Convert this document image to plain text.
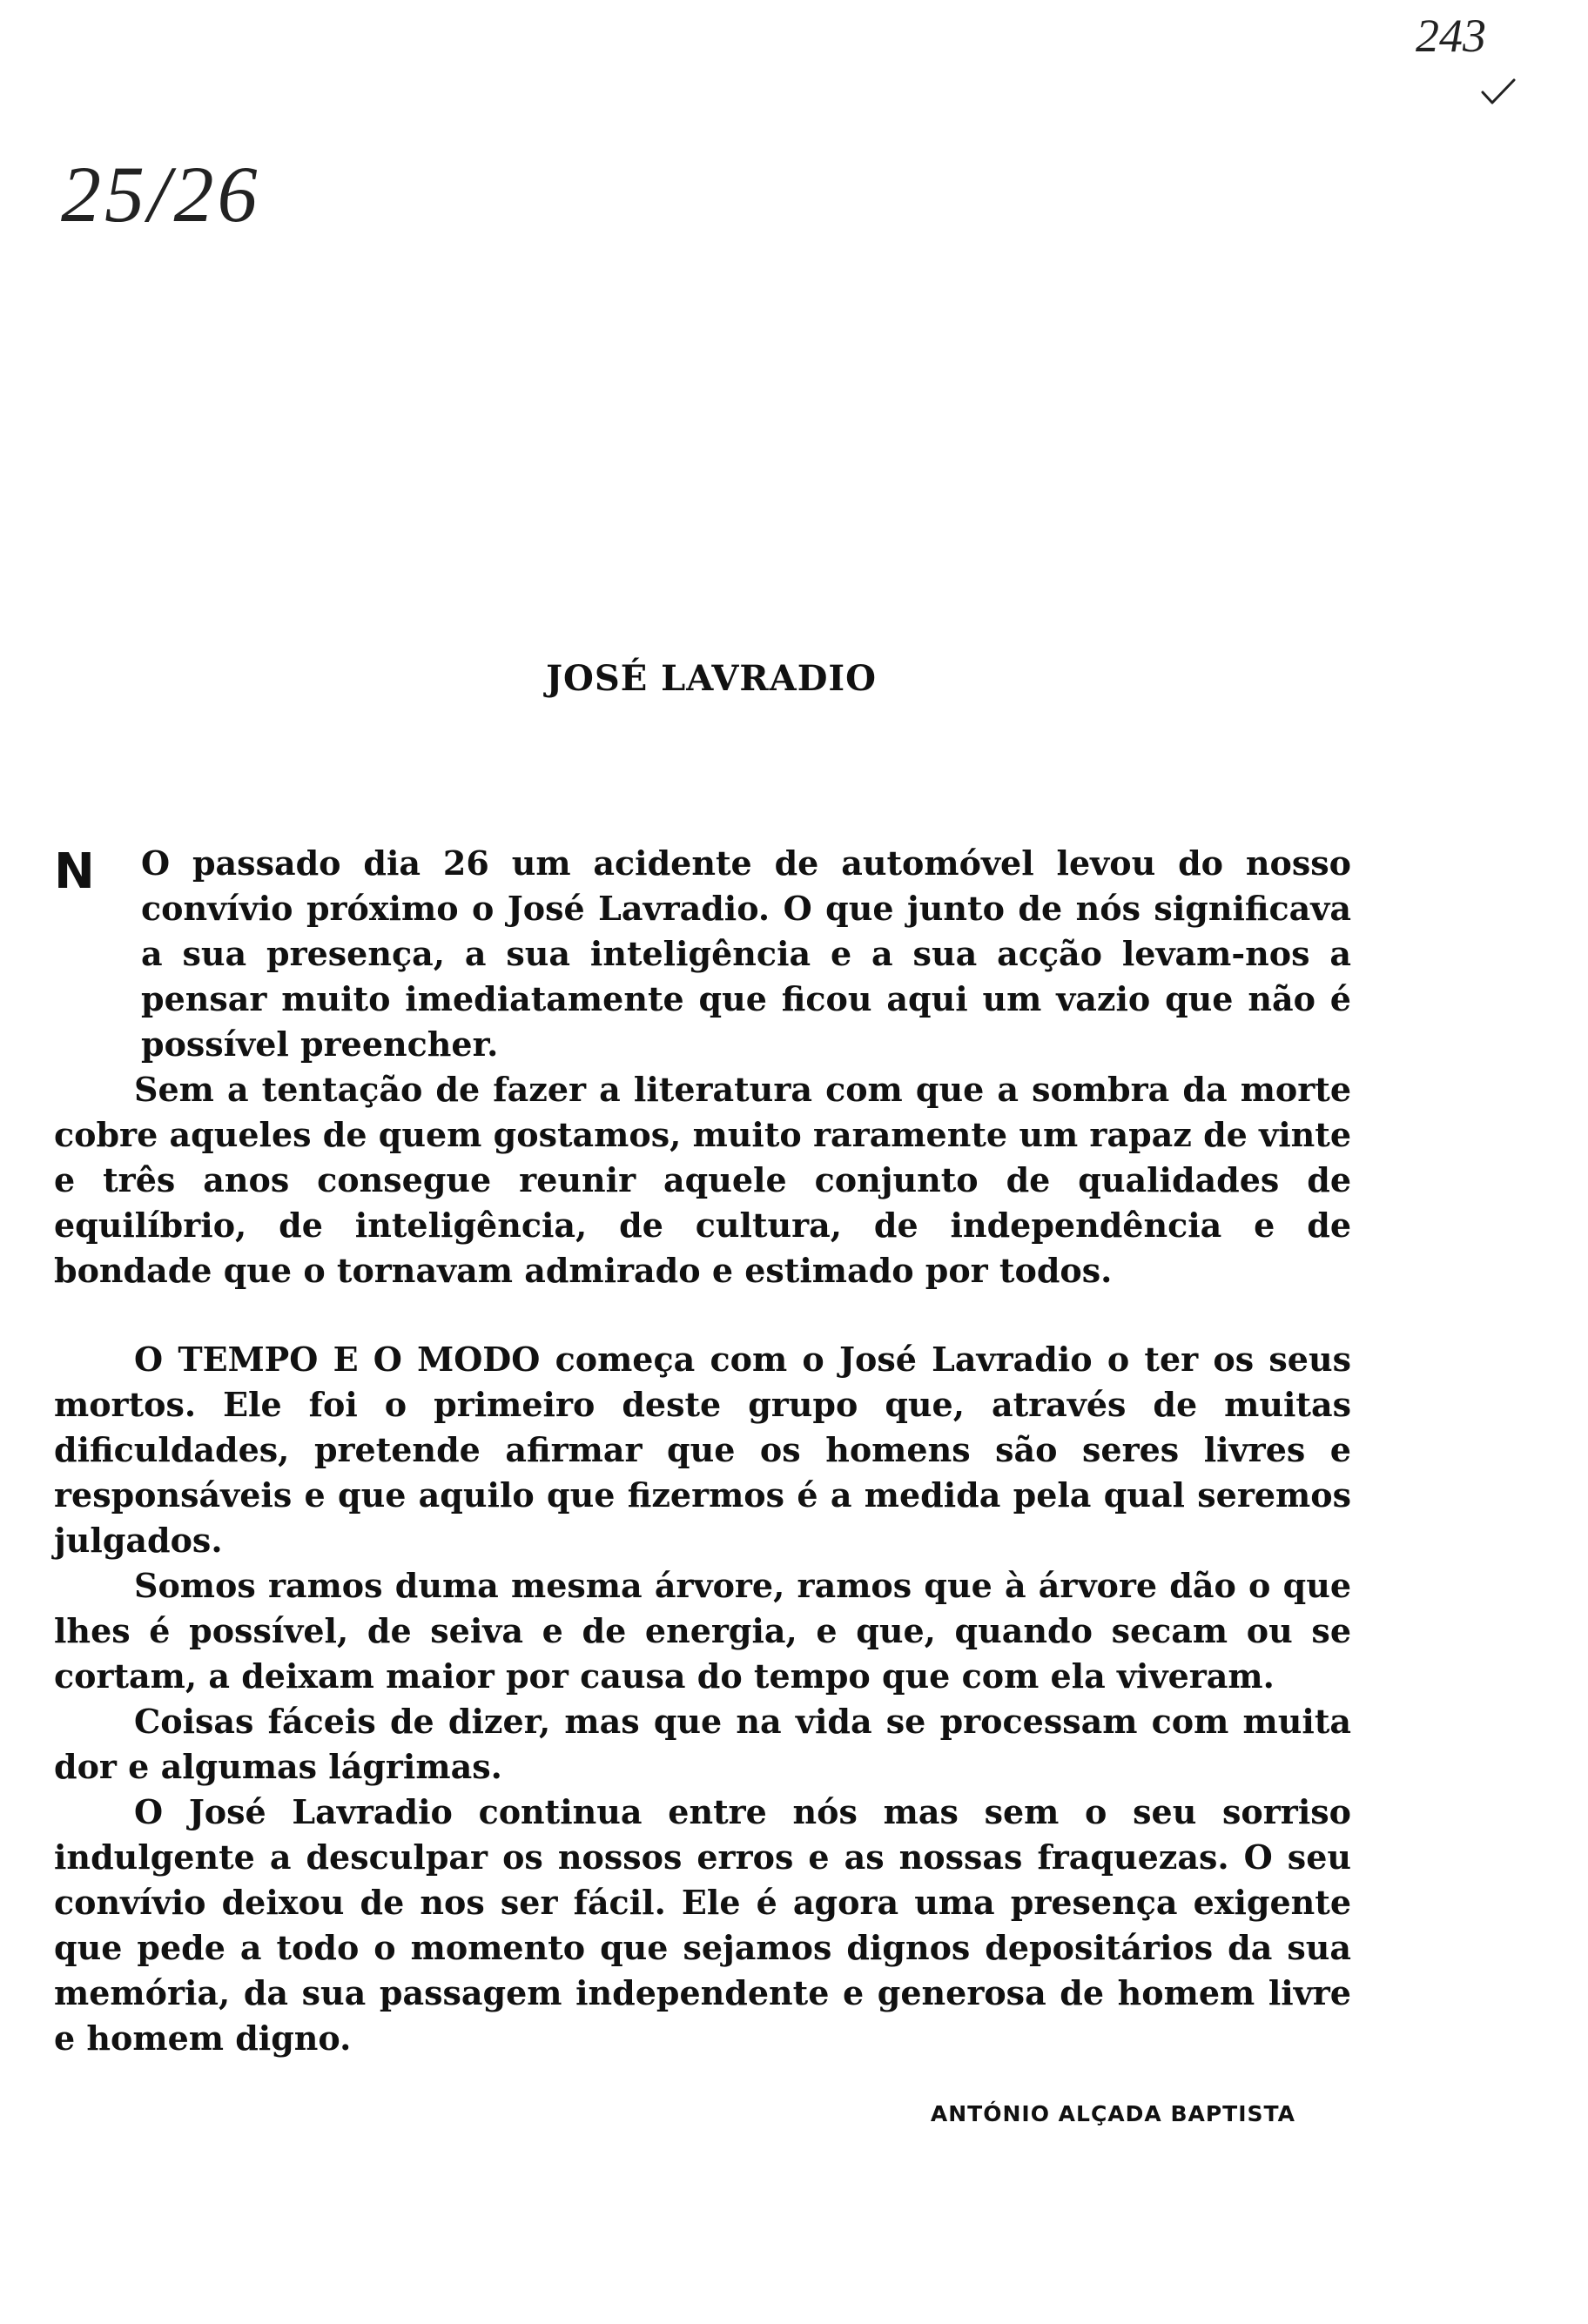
243
25/26
JOSÉ LAVRADIO

N O passado dia 26 um acidente de automóvel levou do nosso convívio próximo o José Lavradio. O que junto de nós significava a sua presença, a sua inteligência e a sua acção levam-nos a pensar muito imediatamente que ficou aqui um vazio que não é possível preencher.

Sem a tentação de fazer a literatura com que a sombra da morte cobre aqueles de quem gostamos, muito raramente um rapaz de vinte e três anos consegue reunir aquele conjunto de qualidades de equilíbrio, de inteligência, de cultura, de independência e de bondade que o tornavam admirado e estimado por todos.

O TEMPO E O MODO começa com o José Lavradio o ter os seus mortos. Ele foi o primeiro deste grupo que, através de muitas dificuldades, pretende afirmar que os homens são seres livres e responsáveis e que aquilo que fizermos é a medida pela qual seremos julgados.

Somos ramos duma mesma árvore, ramos que à árvore dão o que lhes é possível, de seiva e de energia, e que, quando secam ou se cortam, a deixam maior por causa do tempo que com ela viveram.

Coisas fáceis de dizer, mas que na vida se processam com muita dor e algumas lágrimas.

O José Lavradio continua entre nós mas sem o seu sorriso indulgente a desculpar os nossos erros e as nossas fraquezas. O seu convívio deixou de nos ser fácil. Ele é agora uma presença exigente que pede a todo o momento que sejamos dignos depositários da sua memória, da sua passagem independente e generosa de homem livre e homem digno.

ANTÓNIO ALÇADA BAPTISTA
